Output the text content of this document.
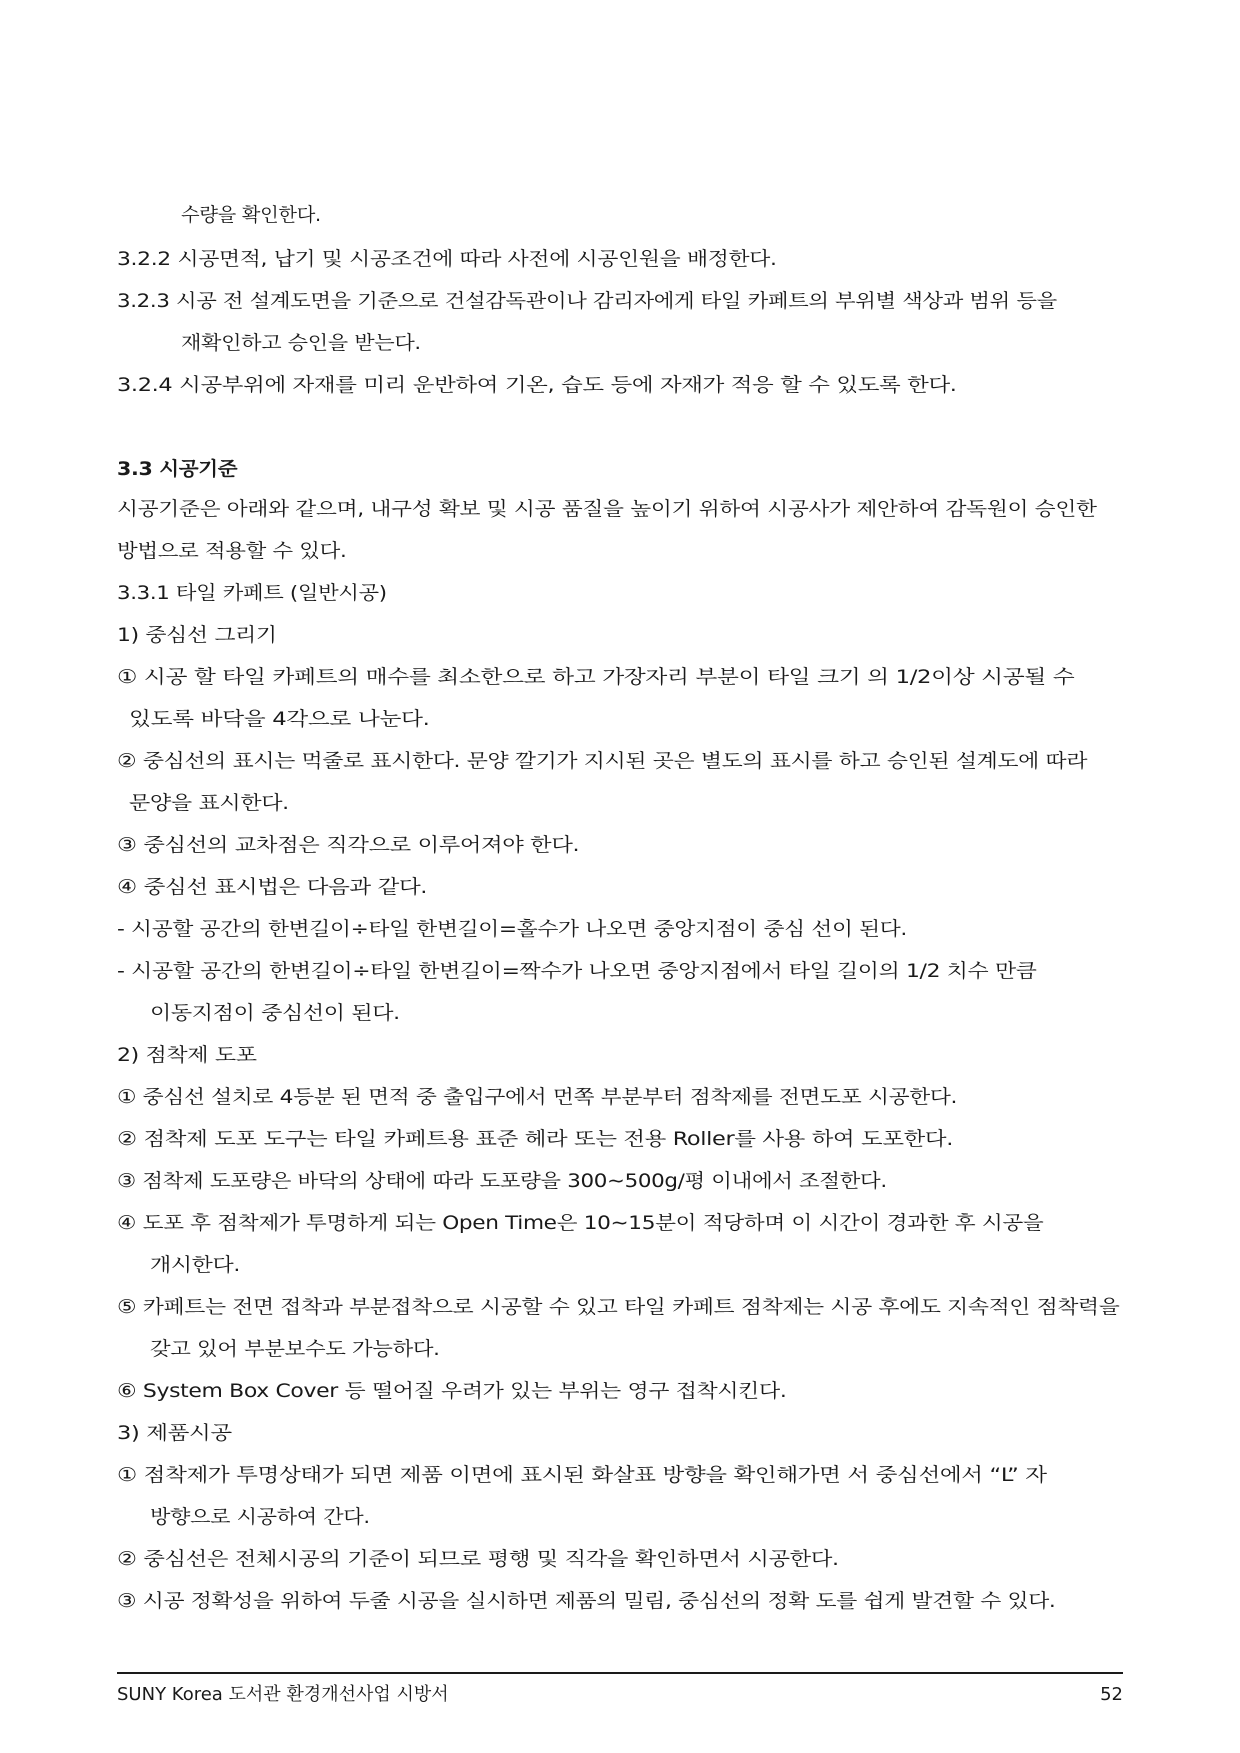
수량을 확인한다.
3.2.2 시공면적, 납기 및 시공조건에 따라 사전에 시공인원을 배정한다.
3.2.3 시공 전 설계도면을 기준으로 건설감독관이나 감리자에게 타일 카페트의 부위별 색상과 범위 등을
재확인하고 승인을 받는다.
3.2.4 시공부위에 자재를 미리 운반하여 기온, 습도 등에 자재가 적응 할 수 있도록 한다.
3.3 시공기준
시공기준은 아래와 같으며, 내구성 확보 및 시공 품질을 높이기 위하여 시공사가 제안하여 감독원이 승인한
방법으로 적용할 수 있다.
3.3.1 타일 카페트 (일반시공)
1) 중심선 그리기
① 시공 할 타일 카페트의 매수를 최소한으로 하고 가장자리 부분이 타일 크기 의 1/2이상 시공될 수
있도록 바닥을 4각으로 나눈다.
② 중심선의 표시는 먹줄로 표시한다. 문양 깔기가 지시된 곳은 별도의 표시를 하고 승인된 설계도에 따라
문양을 표시한다.
③ 중심선의 교차점은 직각으로 이루어져야 한다.
④ 중심선 표시법은 다음과 같다.
- 시공할 공간의 한변길이÷타일 한변길이=홀수가 나오면 중앙지점이 중심 선이 된다.
- 시공할 공간의 한변길이÷타일 한변길이=짝수가 나오면 중앙지점에서 타일 길이의 1/2 치수 만큼
이동지점이 중심선이 된다.
2) 점착제 도포
① 중심선 설치로 4등분 된 면적 중 출입구에서 먼쪽 부분부터 점착제를 전면도포 시공한다.
② 점착제 도포 도구는 타일 카페트용 표준 헤라 또는 전용 Roller를 사용 하여 도포한다.
③ 점착제 도포량은 바닥의 상태에 따라 도포량을 300∼500g/평 이내에서 조절한다.
④ 도포 후 점착제가 투명하게 되는 Open Time은 10∼15분이 적당하며 이 시간이 경과한 후 시공을
개시한다.
⑤ 카페트는 전면 접착과 부분접착으로 시공할 수 있고 타일 카페트 점착제는 시공 후에도 지속적인 점착력을
갖고 있어 부분보수도 가능하다.
⑥ System Box Cover 등 떨어질 우려가 있는 부위는 영구 접착시킨다.
3) 제품시공
① 점착제가 투명상태가 되면 제품 이면에 표시된 화살표 방향을 확인해가면 서 중심선에서 “L” 자
방향으로 시공하여 간다.
② 중심선은 전체시공의 기준이 되므로 평행 및 직각을 확인하면서 시공한다.
③ 시공 정확성을 위하여 두줄 시공을 실시하면 제품의 밀림, 중심선의 정확 도를 쉽게 발견할 수 있다.
SUNY Korea 도서관 환경개선사업 시방서	52
